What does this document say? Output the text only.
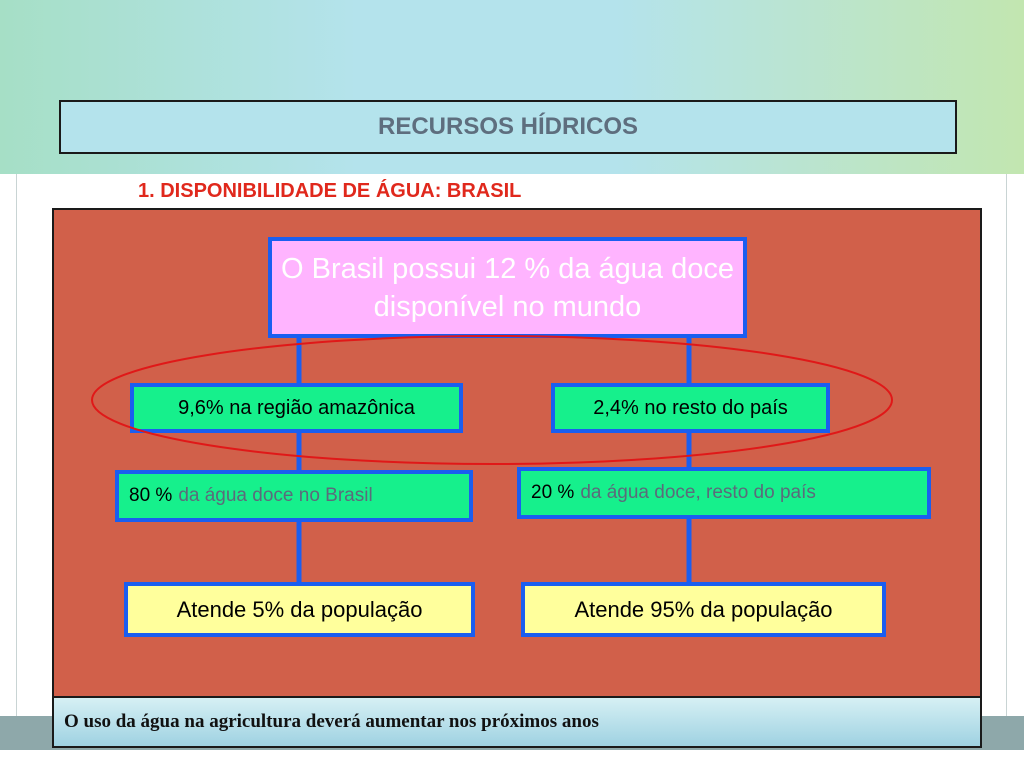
RECURSOS HÍDRICOS
1. DISPONIBILIDADE DE ÁGUA: BRASIL
O Brasil possui 12 % da água doce disponível no mundo
9,6% na região amazônica	2,4% no resto do país
80 % da água doce no Brasil	20 % da água doce, resto do país
Atende 5% da população	Atende 95% da população
O uso da água na agricultura deverá aumentar nos próximos anos
